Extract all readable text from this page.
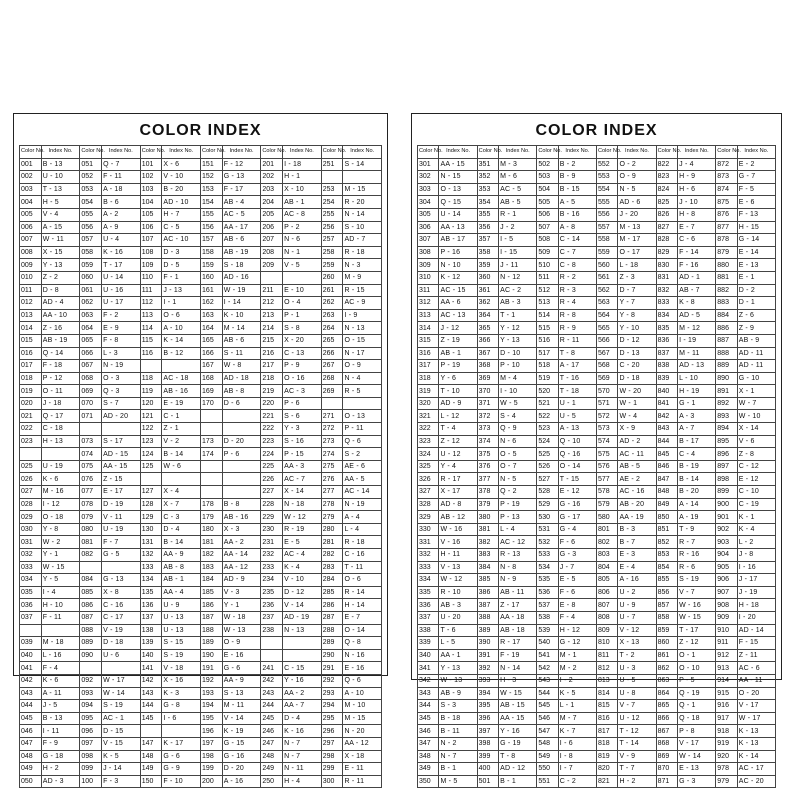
COLOR INDEX
Color No.	Index No.	Color No.	Index No.	Color No.	Index No.	Color No.	Index No.	Color No.	Index No.	Color No.	Index No.
001	B - 13	051	Q - 7	101	X - 6	151	F - 12	201	I - 18	251	S - 14
002	U - 10	052	F - 11	102	V - 10	152	G - 13	202	H - 1		
003	T - 13	053	A - 18	103	B - 20	153	F - 17	203	X - 10	253	M - 15
004	H - 5	054	B - 6	104	AD - 10	154	AB - 4	204	AB - 1	254	R - 20
005	V - 4	055	A - 2	105	H - 7	155	AC - 5	205	AC - 8	255	N - 14
006	A - 15	056	A - 9	106	C - 5	156	AA - 17	206	P - 2	256	S - 10
007	W - 11	057	U - 4	107	AC - 10	157	AB - 6	207	N - 6	257	AD - 7
008	X - 15	058	K - 16	108	D - 3	158	AB - 19	208	N - 1	258	R - 18
009	Y - 13	059	T - 17	109	D - 5	159	S - 18	209	V - 5	259	N - 3
010	Z - 2	060	U - 14	110	F - 1	160	AD - 16			260	M - 9
011	D - 8	061	U - 16	111	J - 13	161	W - 19	211	E - 10	261	R - 15
012	AD - 4	062	U - 17	112	I - 1	162	I - 14	212	O - 4	262	AC - 9
013	AA - 10	063	F - 2	113	O - 6	163	K - 10	213	P - 1	263	I - 9
014	Z - 16	064	E - 9	114	A - 10	164	M - 14	214	S - 8	264	N - 13
015	AB - 19	065	F - 8	115	K - 14	165	AB - 6	215	X - 20	265	O - 15
016	Q - 14	066	L - 3	116	B - 12	166	S - 11	216	C - 13	266	N - 17
017	F - 18	067	N - 19			167	W - 8	217	P - 9	267	O - 9
018	P - 12	068	O - 3	118	AC - 18	168	AD - 18	218	O - 16	268	N - 4
019	O - 11	069	Q - 3	119	AB - 16	169	AB - 8	219	AC - 3	269	R - 5
020	J - 18	070	S - 7	120	E - 19	170	D - 6	220	P - 6		
021	Q - 17	071	AD - 20	121	C - 1			221	S - 6	271	O - 13
022	C - 18			122	Z - 1			222	Y - 3	272	P - 11
023	H - 13	073	S - 17	123	V - 2	173	D - 20	223	S - 16	273	Q - 6
		074	AD - 15	124	B - 14	174	P - 6	224	P - 15	274	S - 2
025	U - 19	075	AA - 15	125	W - 6			225	AA - 3	275	AE - 6
026	K - 6	076	Z - 15					226	AC - 7	276	AA - 5
027	M - 16	077	E - 17	127	X - 4			227	X - 14	277	AC - 14
028	I - 12	078	D - 19	128	X - 7	178	B - 8	228	N - 18	278	N - 19
029	O - 18	079	V - 11	129	C - 3	179	AB - 16	229	W - 12	279	A - 4
030	Y - 8	080	U - 19	130	D - 4	180	X - 3	230	R - 19	280	L - 4
031	W - 2	081	F - 7	131	B - 14	181	AA - 2	231	E - 5	281	R - 18
032	Y - 1	082	G - 5	132	AA - 9	182	AA - 14	232	AC - 4	282	C - 16
033	W - 15			133	AB - 8	183	AA - 12	233	K - 4	283	T - 11
034	Y - 5	084	G - 13	134	AB - 1	184	AD - 9	234	V - 10	284	O - 6
035	I - 4	085	X - 8	135	AA - 4	185	V - 3	235	D - 12	285	R - 14
036	H - 10	086	C - 16	136	U - 9	186	Y - 1	236	V - 14	286	H - 14
037	F - 11	087	C - 17	137	U - 13	187	W - 18	237	AD - 19	287	E - 7
		088	V - 19	138	U - 13	188	W - 13	238	N - 13	288	O - 14
039	M - 18	089	D - 18	139	S - 15	189	O - 9			289	Q - 8
040	L - 16	090	U - 6	140	S - 19	190	E - 16			290	N - 16
041	F - 4			141	V - 18	191	G - 6	241	C - 15	291	E - 16
042	K - 6	092	W - 17	142	X - 16	192	AA - 9	242	Y - 16	292	Q - 6
043	A - 11	093	W - 14	143	K - 3	193	S - 13	243	AA - 2	293	A - 10
044	J - 5	094	S - 19	144	G - 8	194	M - 11	244	AA - 7	294	M - 10
045	B - 13	095	AC - 1	145	I - 6	195	V - 14	245	D - 4	295	M - 15
046	I - 11	096	D - 15			196	K - 19	246	K - 16	296	N - 20
047	F - 9	097	V - 15	147	K - 17	197	G - 15	247	N - 7	297	AA - 12
048	G - 18	098	K - 5	148	G - 6	198	G - 16	248	N - 7	298	X - 18
049	H - 2	099	J - 14	149	G - 9	199	D - 20	249	N - 11	299	E - 11
050	AD - 3	100	F - 3	150	F - 10	200	A - 16	250	H - 4	300	R - 11
COLOR INDEX
Color No.	Index No.	Color No.	Index No.	Color No.	Index No.	Color No.	Index No.	Color No.	Index No.	Color No.	Index No.
301	AA - 15	351	M - 3	502	B - 2	552	O - 2	822	J - 4	872	E - 2
302	N - 15	352	M - 6	503	B - 9	553	O - 9	823	H - 9	873	G - 7
303	O - 13	353	AC - 5	504	B - 15	554	N - 5	824	H - 6	874	F - 5
304	Q - 15	354	AB - 5	505	A - 5	555	AD - 6	825	J - 10	875	E - 6
305	U - 14	355	R - 1	506	B - 16	556	J - 20	826	H - 8	876	F - 13
306	AA - 13	356	J - 2	507	A - 8	557	M - 13	827	E - 7	877	H - 15
307	AB - 17	357	I - 5	508	C - 14	558	M - 17	828	C - 6	878	G - 14
308	P - 16	358	I - 15	509	C - 7	559	O - 17	829	F - 14	879	E - 14
309	N - 10	359	J - 11	510	C - 8	560	L - 18	830	F - 16	880	E - 13
310	K - 12	360	N - 12	511	R - 2	561	Z - 3	831	AD - 1	881	E - 1
311	AC - 15	361	AC - 2	512	R - 3	562	D - 7	832	AB - 7	882	D - 2
312	AA - 6	362	AB - 3	513	R - 4	563	Y - 7	833	K - 8	883	D - 1
313	AC - 13	364	T - 1	514	R - 8	564	Y - 8	834	AD - 5	884	Z - 6
314	J - 12	365	Y - 12	515	R - 9	565	Y - 10	835	M - 12	886	Z - 9
315	Z - 19	366	Y - 13	516	R - 11	566	D - 12	836	I - 19	887	AB - 9
316	AB - 1	367	D - 10	517	T - 8	567	D - 13	837	M - 11	888	AD - 11
317	P - 19	368	P - 10	518	A - 17	568	C - 20	838	AD - 13	889	AD - 11
318	Y - 6	369	M - 4	519	T - 16	569	D - 18	839	L - 10	890	G - 10
319	T - 10	370	I - 10	520	T - 18	570	W - 20	840	H - 19	891	X - 1
320	AD - 9	371	W - 5	521	U - 1	571	W - 1	841	G - 1	892	W - 7
321	L - 12	372	S - 4	522	U - 5	572	W - 4	842	A - 3	893	W - 10
322	T - 4	373	Q - 9	523	A - 13	573	X - 9	843	A - 7	894	X - 14
323	Z - 12	374	N - 6	524	Q - 10	574	AD - 2	844	B - 17	895	V - 6
324	U - 12	375	O - 5	525	Q - 16	575	AC - 11	845	C - 4	896	Z - 8
325	Y - 4	376	O - 7	526	O - 14	576	AB - 5	846	B - 19	897	C - 12
326	R - 17	377	N - 5	527	T - 15	577	AE - 2	847	B - 14	898	E - 12
327	X - 17	378	Q - 2	528	E - 12	578	AC - 16	848	B - 20	899	C - 10
328	AD - 8	379	P - 19	529	G - 16	579	AB - 20	849	A - 14	900	C - 19
329	AB - 12	380	P - 13	530	G - 17	580	AA - 19	850	A - 19	901	K - 1
330	W - 16	381	L - 4	531	G - 4	801	B - 3	851	T - 9	902	K - 4
331	V - 16	382	AC - 12	532	F - 6	802	B - 7	852	R - 7	903	L - 2
332	H - 11	383	R - 13	533	G - 3	803	E - 3	853	R - 16	904	J - 8
333	V - 13	384	N - 8	534	J - 7	804	E - 4	854	R - 6	905	I - 16
334	W - 12	385	N - 9	535	E - 5	805	A - 16	855	S - 19	906	J - 17
335	R - 10	386	AB - 11	536	F - 6	806	U - 2	856	V - 7	907	J - 19
336	AB - 3	387	Z - 17	537	E - 8	807	U - 9	857	W - 16	908	H - 18
337	U - 20	388	AA - 18	538	F - 4	808	U - 7	858	W - 15	909	I - 20
338	T - 6	389	AB - 18	539	H - 12	809	V - 12	859	T - 17	910	AD - 14
339	L - 5	390	R - 17	540	G - 12	810	X - 13	860	Z - 12	911	F - 15
340	AA - 1	391	F - 19	541	M - 1	811	T - 2	861	O - 1	912	Z - 11
341	Y - 13	392	N - 14	542	M - 2	812	U - 3	862	O - 10	913	AC - 6
342	W - 13	393	H - 3	543	I - 2	813	U - 5	863	P - 5	914	AA - 11
343	AB - 9	394	W - 15	544	K - 5	814	U - 8	864	Q - 19	915	O - 20
344	S - 3	395	AB - 15	545	L - 1	815	V - 7	865	Q - 1	916	V - 17
345	B - 18	396	AA - 15	546	M - 7	816	U - 12	866	Q - 18	917	W - 17
346	B - 11	397	Y - 16	547	K - 7	817	T - 12	867	P - 8	918	K - 13
347	N - 2	398	G - 19	548	I - 6	818	T - 14	868	V - 17	919	K - 13
348	N - 7	399	T - 8	549	I - 8	819	V - 9	869	W - 14	920	K - 14
349	B - 1	400	AD - 12	550	I - 7	820	T - 7	870	E - 13	978	AC - 17
350	M - 5	501	B - 1	551	C - 2	821	H - 2	871	G - 3	979	AC - 20
